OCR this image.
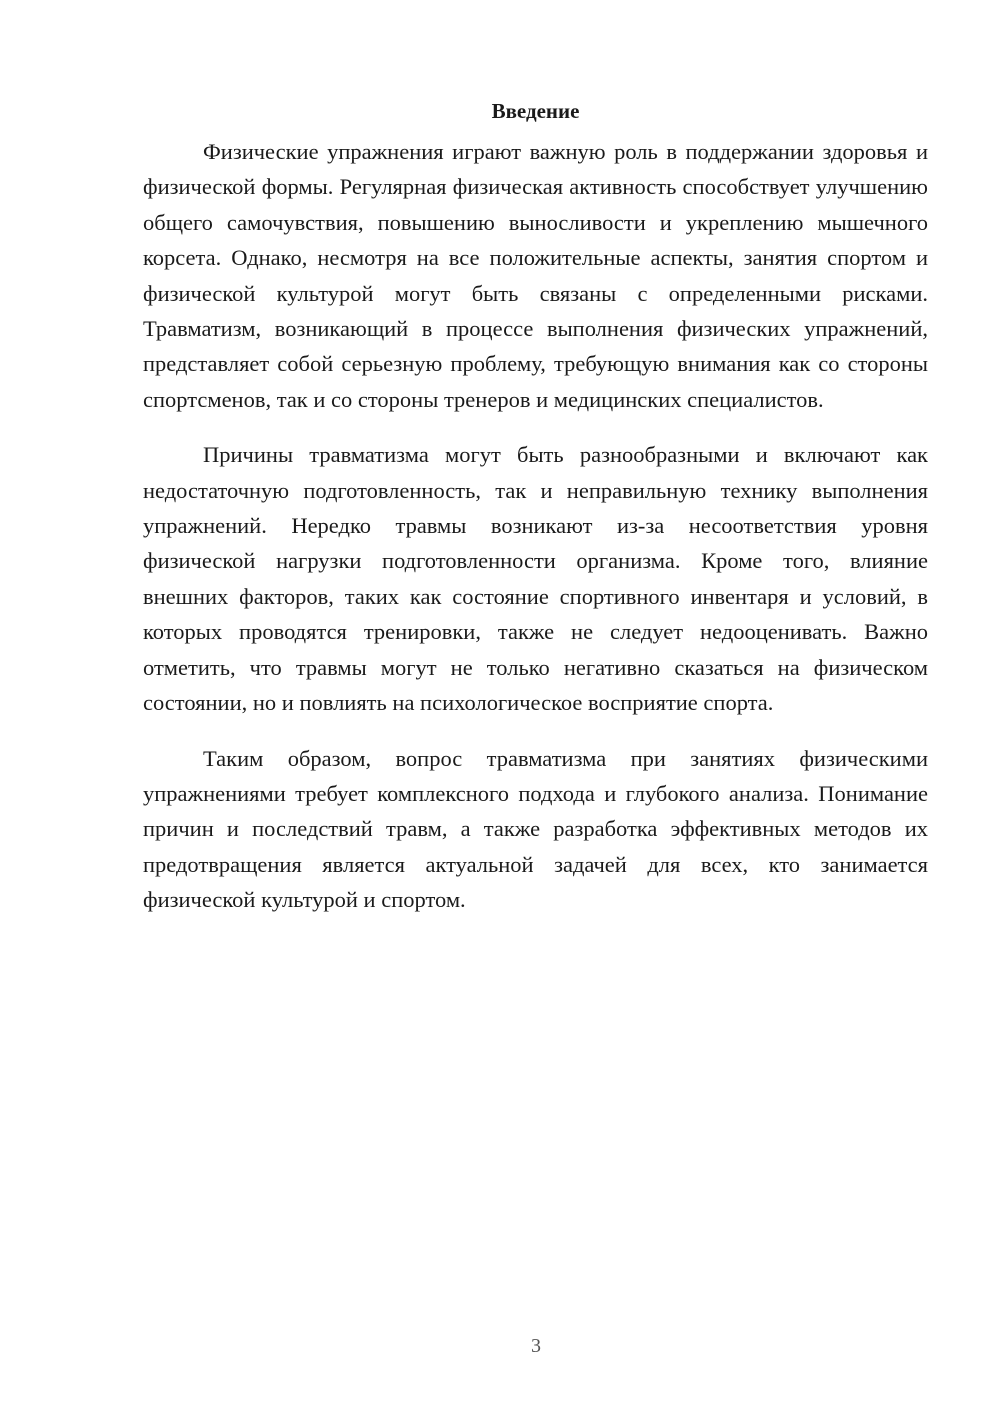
Введение

Физические упражнения играют важную роль в поддержании здоровья и физической формы. Регулярная физическая активность способствует улучшению общего самочувствия, повышению выносливости и укреплению мышечного корсета. Однако, несмотря на все положительные аспекты, занятия спортом и физической культурой могут быть связаны с определенными рисками. Травматизм, возникающий в процессе выполнения физических упражнений, представляет собой серьезную проблему, требующую внимания как со стороны спортсменов, так и со стороны тренеров и медицинских специалистов.

Причины травматизма могут быть разнообразными и включают как недостаточную подготовленность, так и неправильную технику выполнения упражнений. Нередко травмы возникают из-за несоответствия уровня физической нагрузки подготовленности организма. Кроме того, влияние внешних факторов, таких как состояние спортивного инвентаря и условий, в которых проводятся тренировки, также не следует недооценивать. Важно отметить, что травмы могут не только негативно сказаться на физическом состоянии, но и повлиять на психологическое восприятие спорта.

Таким образом, вопрос травматизма при занятиях физическими упражнениями требует комплексного подхода и глубокого анализа. Понимание причин и последствий травм, а также разработка эффективных методов их предотвращения является актуальной задачей для всех, кто занимается физической культурой и спортом.

3
